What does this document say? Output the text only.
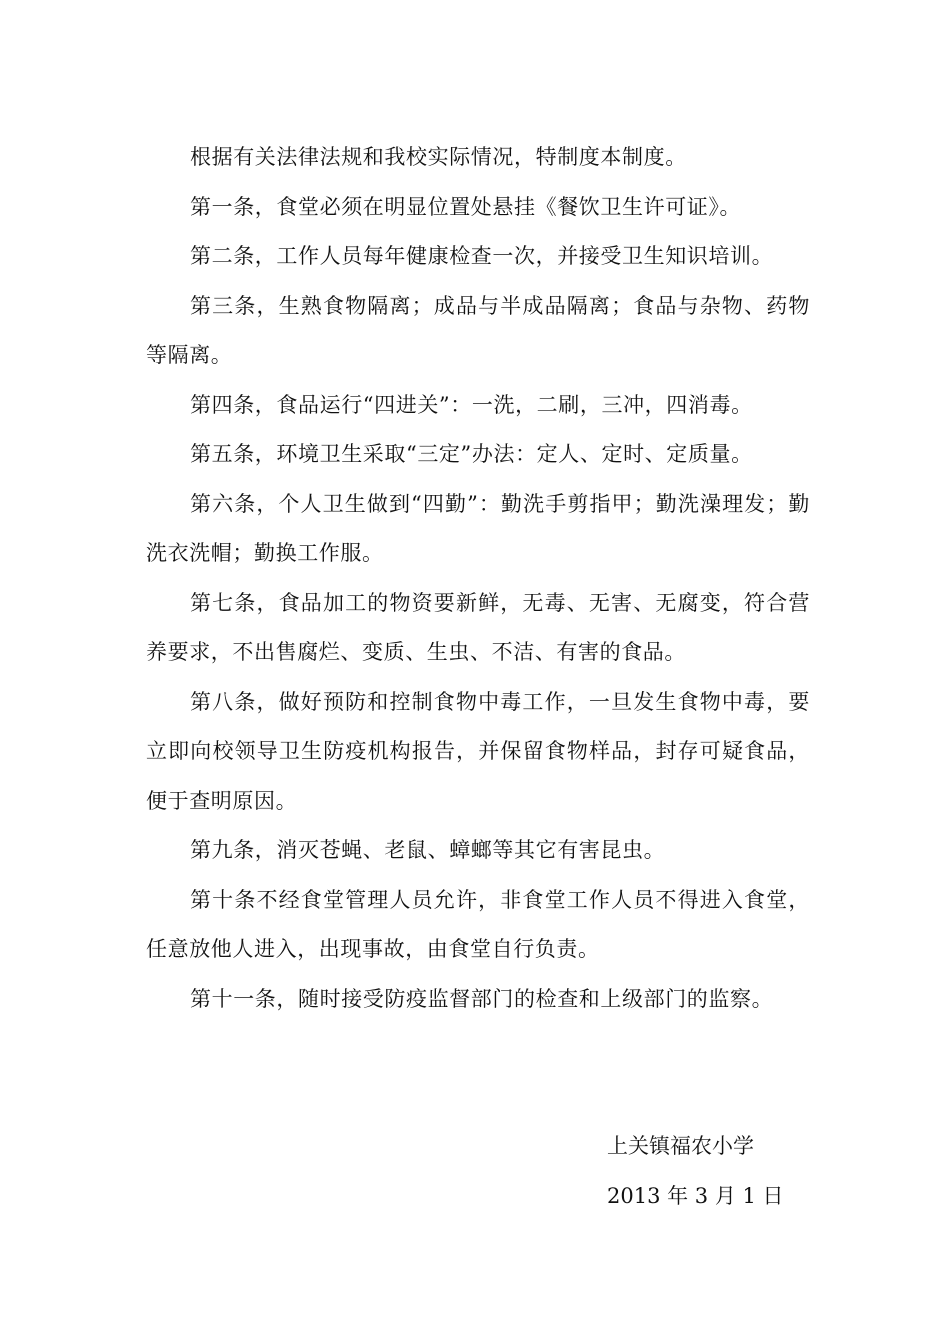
根据有关法律法规和我校实际情况，特制度本制度。

第一条，食堂必须在明显位置处悬挂《餐饮卫生许可证》。

第二条，工作人员每年健康检查一次，并接受卫生知识培训。

第三条，生熟食物隔离；成品与半成品隔离；食品与杂物、药物等隔离。

第四条，食品运行“四进关”：一洗，二刷，三冲，四消毒。

第五条，环境卫生采取“三定”办法：定人、定时、定质量。

第六条，个人卫生做到“四勤”：勤洗手剪指甲；勤洗澡理发；勤洗衣洗帽；勤换工作服。

第七条，食品加工的物资要新鲜，无毒、无害、无腐变，符合营养要求，不出售腐烂、变质、生虫、不洁、有害的食品。

第八条，做好预防和控制食物中毒工作，一旦发生食物中毒，要立即向校领导卫生防疫机构报告，并保留食物样品，封存可疑食品，便于查明原因。

第九条，消灭苍蝇、老鼠、蟑螂等其它有害昆虫。

第十条不经食堂管理人员允许，非食堂工作人员不得进入食堂，任意放他人进入，出现事故，由食堂自行负责。

第十一条，随时接受防疫监督部门的检查和上级部门的监察。

上关镇福农小学

2013 年 3 月 1 日
